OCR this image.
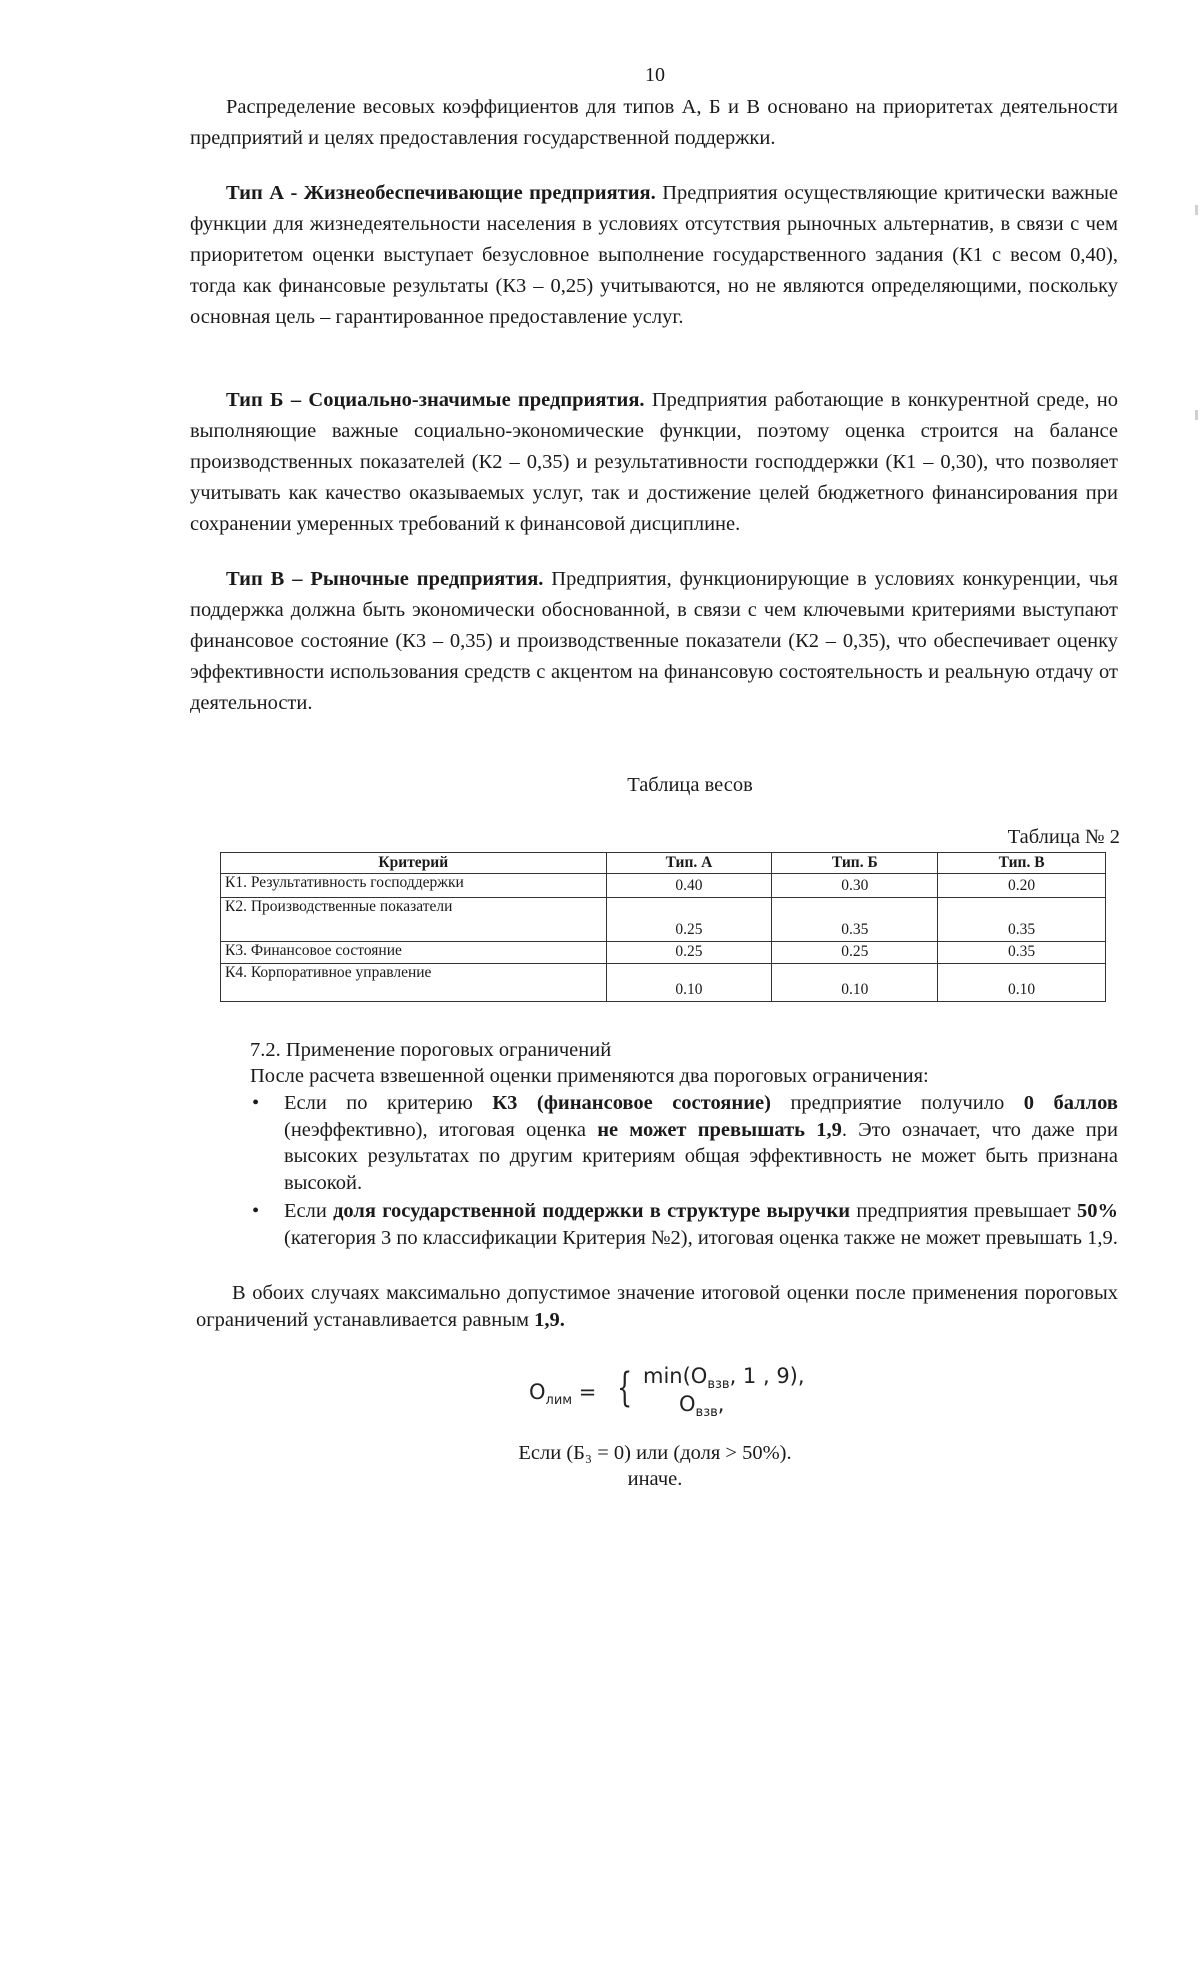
10
Распределение весовых коэффициентов для типов А, Б и В основано на приоритетах деятельности предприятий и целях предоставления государственной поддержки.
Тип А - Жизнеобеспечивающие предприятия. Предприятия осуществляющие критически важные функции для жизнедеятельности населения в условиях отсутствия рыночных альтернатив, в связи с чем приоритетом оценки выступает безусловное выполнение государственного задания (К1 с весом 0,40), тогда как финансовые результаты (К3 – 0,25) учитываются, но не являются определяющими, поскольку основная цель – гарантированное предоставление услуг.
Тип Б – Социально-значимые предприятия. Предприятия работающие в конкурентной среде, но выполняющие важные социально-экономические функции, поэтому оценка строится на балансе производственных показателей (К2 – 0,35) и результативности господдержки (К1 – 0,30), что позволяет учитывать как качество оказываемых услуг, так и достижение целей бюджетного финансирования при сохранении умеренных требований к финансовой дисциплине.
Тип В – Рыночные предприятия. Предприятия, функционирующие в условиях конкуренции, чья поддержка должна быть экономически обоснованной, в связи с чем ключевыми критериями выступают финансовое состояние (К3 – 0,35) и производственные показатели (К2 – 0,35), что обеспечивает оценку эффективности использования средств с акцентом на финансовую состоятельность и реальную отдачу от деятельности.
Таблица весов
Таблица № 2
Критерий	Тип. А	Тип. Б	Тип. В
К1. Результативность господдержки	0.40	0.30	0.20
К2. Производственные показатели	0.25	0.35	0.35
К3. Финансовое состояние	0.25	0.25	0.35
К4. Корпоративное управление	0.10	0.10	0.10
7.2. Применение пороговых ограничений
После расчета взвешенной оценки применяются два пороговых ограничения:
• Если по критерию К3 (финансовое состояние) предприятие получило 0 баллов (неэффективно), итоговая оценка не может превышать 1,9. Это означает, что даже при высоких результатах по другим критериям общая эффективность не может быть признана высокой.
• Если доля государственной поддержки в структуре выручки предприятия превышает 50% (категория 3 по классификации Критерия №2), итоговая оценка также не может превышать 1,9.
В обоих случаях максимально допустимое значение итоговой оценки после применения пороговых ограничений устанавливается равным 1,9.
$О_{лим}$ = { $\min(О_{взв}$, 1 , 9),
$О_{взв}$,
Если (Б₃ = 0) или (доля > 50%).
иначе.
